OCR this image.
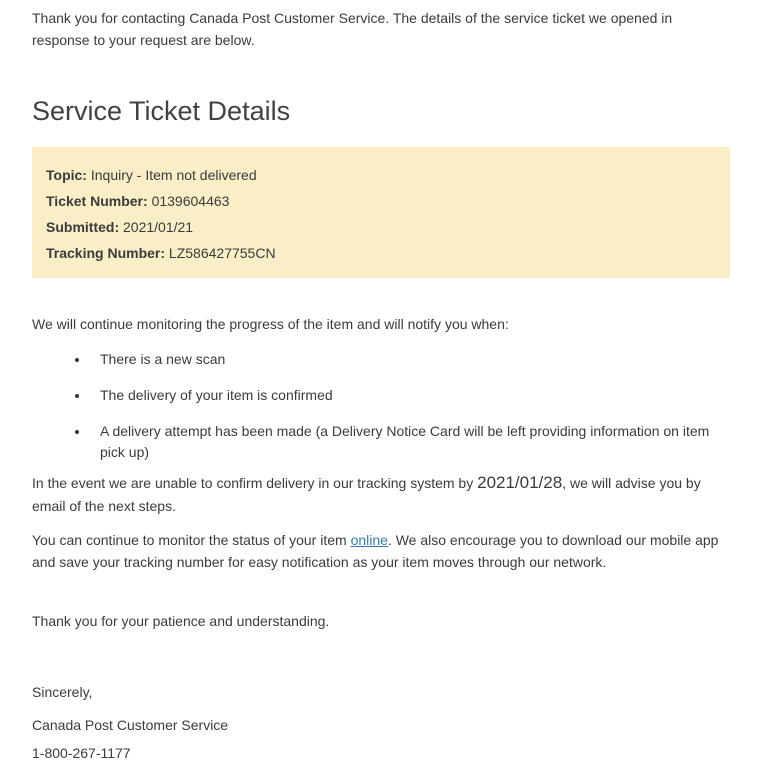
Thank you for contacting Canada Post Customer Service. The details of the service ticket we opened in response to your request are below.

Service Ticket Details
Topic: Inquiry - Item not delivered
Ticket Number: 0139604463
Submitted: 2021/01/21
Tracking Number: LZ586427755CN

We will continue monitoring the progress of the item and will notify you when:

• There is a new scan
• The delivery of your item is confirmed
• A delivery attempt has been made (a Delivery Notice Card will be left providing information on item pick up)

In the event we are unable to confirm delivery in our tracking system by 2021/01/28, we will advise you by email of the next steps.

You can continue to monitor the status of your item online. We also encourage you to download our mobile app and save your tracking number for easy notification as your item moves through our network.

Thank you for your patience and understanding.

Sincerely,

Canada Post Customer Service

1-800-267-1177
